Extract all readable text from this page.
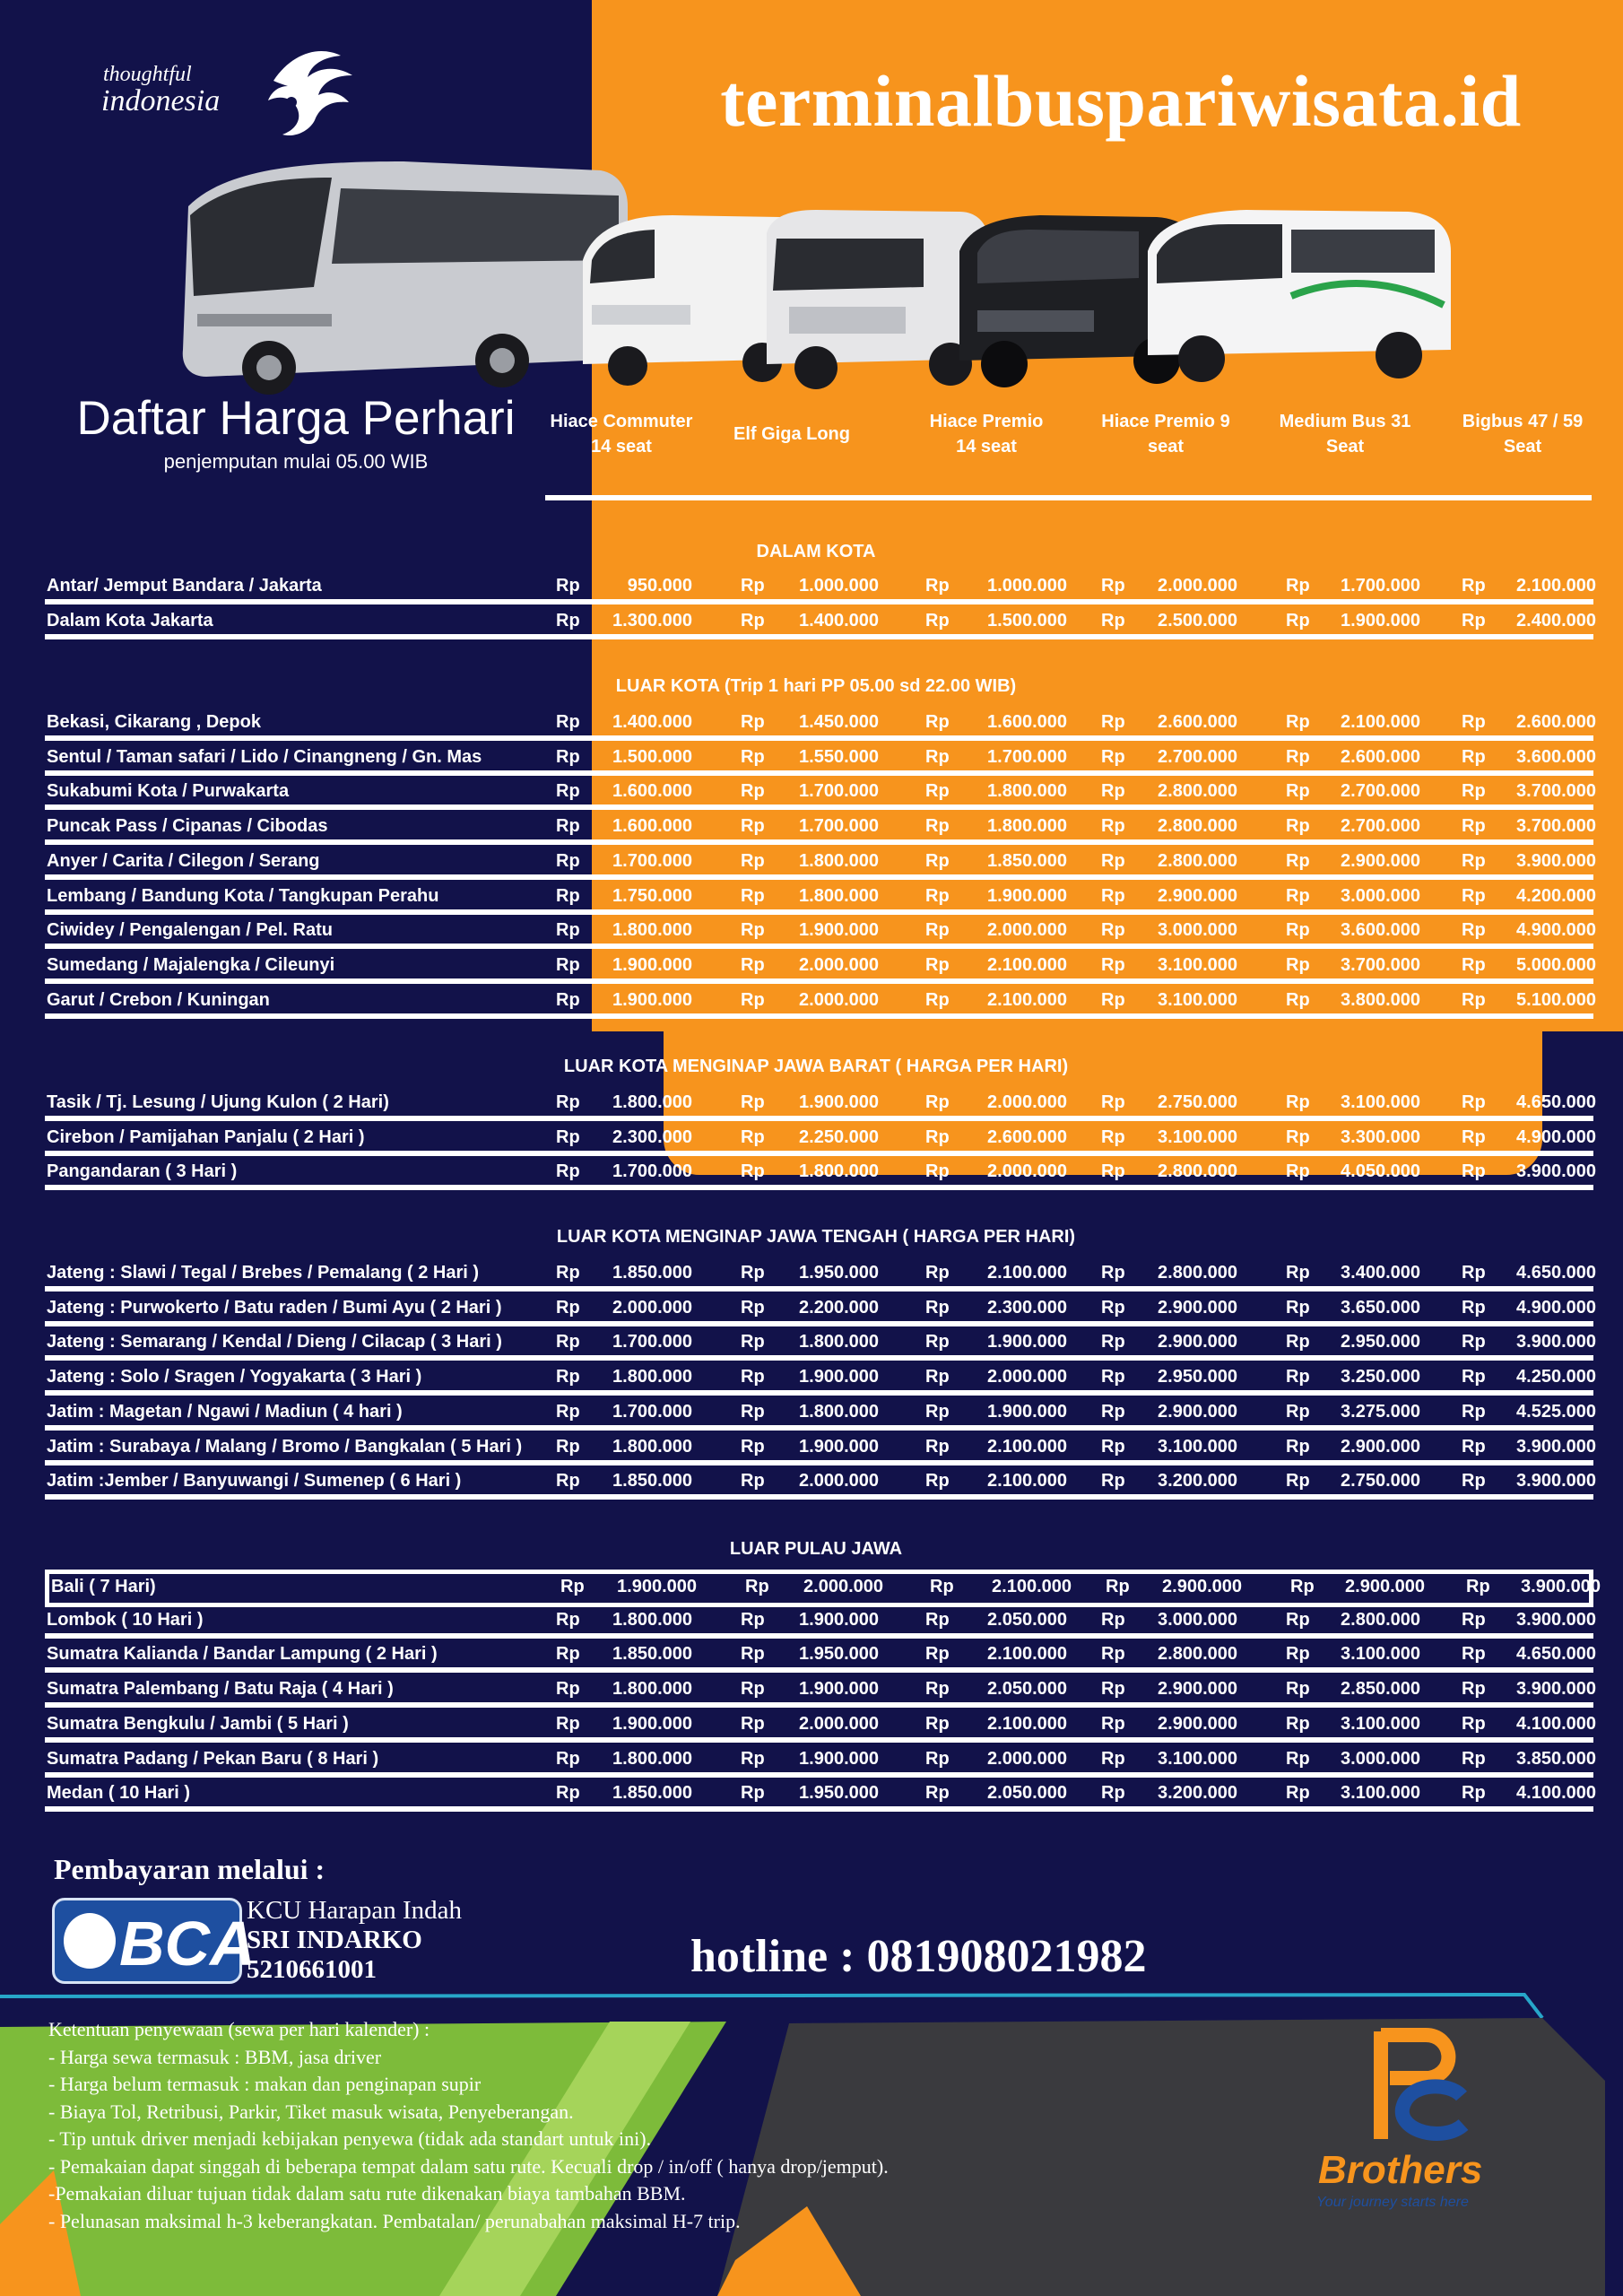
thoughtful
indonesia	terminalbuspariwisata.id
Daftar Harga Perhari
penjemputan mulai 05.00 WIB
Hiace Commuter
14 seat
Elf Giga Long
Hiace Premio
14 seat
Hiace Premio 9
seat
Medium Bus 31
Seat
Bigbus 47 / 59
Seat
DALAM KOTA
Antar/ Jemput Bandara / Jakarta	Rp	950.000	Rp	1.000.000	Rp	1.000.000 Rp	2.000.000	Rp	1.700.000 Rp	2.100.000
Dalam Kota Jakarta	Rp	1.300.000	Rp	1.400.000	Rp	1.500.000 Rp	2.500.000	Rp	1.900.000 Rp	2.400.000
LUAR KOTA (Trip 1 hari PP 05.00 sd 22.00 WIB)
Bekasi, Cikarang , Depok	Rp	1.400.000	Rp	1.450.000	Rp	1.600.000 Rp	2.600.000	Rp	2.100.000 Rp	2.600.000
Sentul / Taman safari / Lido / Cinangneng / Gn. Mas	Rp	1.500.000	Rp	1.550.000	Rp	1.700.000 Rp	2.700.000	Rp	2.600.000 Rp	3.600.000
Sukabumi Kota / Purwakarta	Rp	1.600.000	Rp	1.700.000	Rp	1.800.000 Rp	2.800.000	Rp	2.700.000 Rp	3.700.000
Puncak Pass / Cipanas / Cibodas	Rp	1.600.000	Rp	1.700.000	Rp	1.800.000 Rp	2.800.000	Rp	2.700.000 Rp	3.700.000
Anyer / Carita / Cilegon / Serang	Rp	1.700.000	Rp	1.800.000	Rp	1.850.000 Rp	2.800.000	Rp	2.900.000 Rp	3.900.000
Lembang / Bandung Kota / Tangkupan Perahu	Rp	1.750.000	Rp	1.800.000	Rp	1.900.000 Rp	2.900.000	Rp	3.000.000 Rp	4.200.000
Ciwidey / Pengalengan / Pel. Ratu	Rp	1.800.000	Rp	1.900.000	Rp	2.000.000 Rp	3.000.000	Rp	3.600.000 Rp	4.900.000
Sumedang / Majalengka / Cileunyi	Rp	1.900.000	Rp	2.000.000	Rp	2.100.000 Rp	3.100.000	Rp	3.700.000 Rp	5.000.000
Garut / Crebon / Kuningan	Rp	1.900.000	Rp	2.000.000	Rp	2.100.000 Rp	3.100.000	Rp	3.800.000 Rp	5.100.000
LUAR KOTA MENGINAP JAWA BARAT ( HARGA PER HARI)
Tasik / Tj. Lesung / Ujung Kulon ( 2 Hari)	Rp	1.800.000	Rp	1.900.000	Rp	2.000.000 Rp	2.750.000	Rp	3.100.000 Rp	4.650.000
Cirebon / Pamijahan Panjalu ( 2 Hari )	Rp	2.300.000	Rp	2.250.000	Rp	2.600.000 Rp	3.100.000	Rp	3.300.000 Rp	4.900.000
Pangandaran ( 3 Hari )	Rp	1.700.000	Rp	1.800.000	Rp	2.000.000 Rp	2.800.000	Rp	4.050.000 Rp	3.900.000
LUAR KOTA MENGINAP JAWA TENGAH ( HARGA PER HARI)
Jateng : Slawi / Tegal / Brebes / Pemalang ( 2 Hari )	Rp	1.850.000	Rp	1.950.000	Rp	2.100.000 Rp	2.800.000	Rp	3.400.000 Rp	4.650.000
Jateng : Purwokerto / Batu raden / Bumi Ayu ( 2 Hari )	Rp	2.000.000	Rp	2.200.000	Rp	2.300.000 Rp	2.900.000	Rp	3.650.000 Rp	4.900.000
Jateng : Semarang / Kendal / Dieng / Cilacap ( 3 Hari )	Rp	1.700.000	Rp	1.800.000	Rp	1.900.000 Rp	2.900.000	Rp	2.950.000 Rp	3.900.000
Jateng : Solo / Sragen / Yogyakarta ( 3 Hari )	Rp	1.800.000	Rp	1.900.000	Rp	2.000.000 Rp	2.950.000	Rp	3.250.000 Rp	4.250.000
Jatim : Magetan / Ngawi / Madiun ( 4 hari )	Rp	1.700.000	Rp	1.800.000	Rp	1.900.000 Rp	2.900.000	Rp	3.275.000 Rp	4.525.000
Jatim : Surabaya / Malang / Bromo / Bangkalan ( 5 Hari ) Rp	1.800.000	Rp	1.900.000	Rp	2.100.000 Rp	3.100.000	Rp	2.900.000 Rp	3.900.000
Jatim :Jember / Banyuwangi / Sumenep ( 6 Hari )	Rp	1.850.000	Rp	2.000.000	Rp	2.100.000 Rp	3.200.000	Rp	2.750.000 Rp	3.900.000
LUAR PULAU JAWA
Bali ( 7 Hari)	Rp	1.900.000	Rp	2.000.000	Rp	2.100.000 Rp	2.900.000	Rp	2.900.000 Rp	3.900.000
Lombok ( 10 Hari )	Rp	1.800.000	Rp	1.900.000	Rp	2.050.000 Rp	3.000.000	Rp	2.800.000 Rp	3.900.000
Sumatra Kalianda / Bandar Lampung ( 2 Hari )	Rp	1.850.000	Rp	1.950.000	Rp	2.100.000 Rp	2.800.000	Rp	3.100.000 Rp	4.650.000
Sumatra Palembang / Batu Raja ( 4 Hari )	Rp	1.800.000	Rp	1.900.000	Rp	2.050.000 Rp	2.900.000	Rp	2.850.000 Rp	3.900.000
Sumatra Bengkulu / Jambi ( 5 Hari )	Rp	1.900.000	Rp	2.000.000	Rp	2.100.000 Rp	2.900.000	Rp	3.100.000 Rp	4.100.000
Sumatra Padang / Pekan Baru ( 8 Hari )	Rp	1.800.000	Rp	1.900.000	Rp	2.000.000 Rp	3.100.000	Rp	3.000.000 Rp	3.850.000
Medan ( 10 Hari )	Rp	1.850.000	Rp	1.950.000	Rp	2.050.000 Rp	3.200.000	Rp	3.100.000 Rp	4.100.000
Pembayaran melalui :
BCA
KCU Harapan Indah
SRI INDARKO
5210661001	hotline : 081908021982
Ketentuan penyewaan (sewa per hari kalender) :
- Harga sewa termasuk : BBM, jasa driver
- Harga belum termasuk : makan dan penginapan supir
- Biaya Tol, Retribusi, Parkir, Tiket masuk wisata, Penyeberangan.
- Tip untuk driver menjadi kebijakan penyewa (tidak ada standart untuk ini).
- Pemakaian dapat singgah di beberapa tempat dalam satu rute. Kecuali drop / in/off ( hanya drop/jemput).
-Pemakaian diluar tujuan tidak dalam satu rute dikenakan biaya tambahan BBM.
- Pelunasan maksimal h-3 keberangkatan. Pembatalan/ perunabahan maksimal H-7 trip.
Brothers
Your journey starts here
